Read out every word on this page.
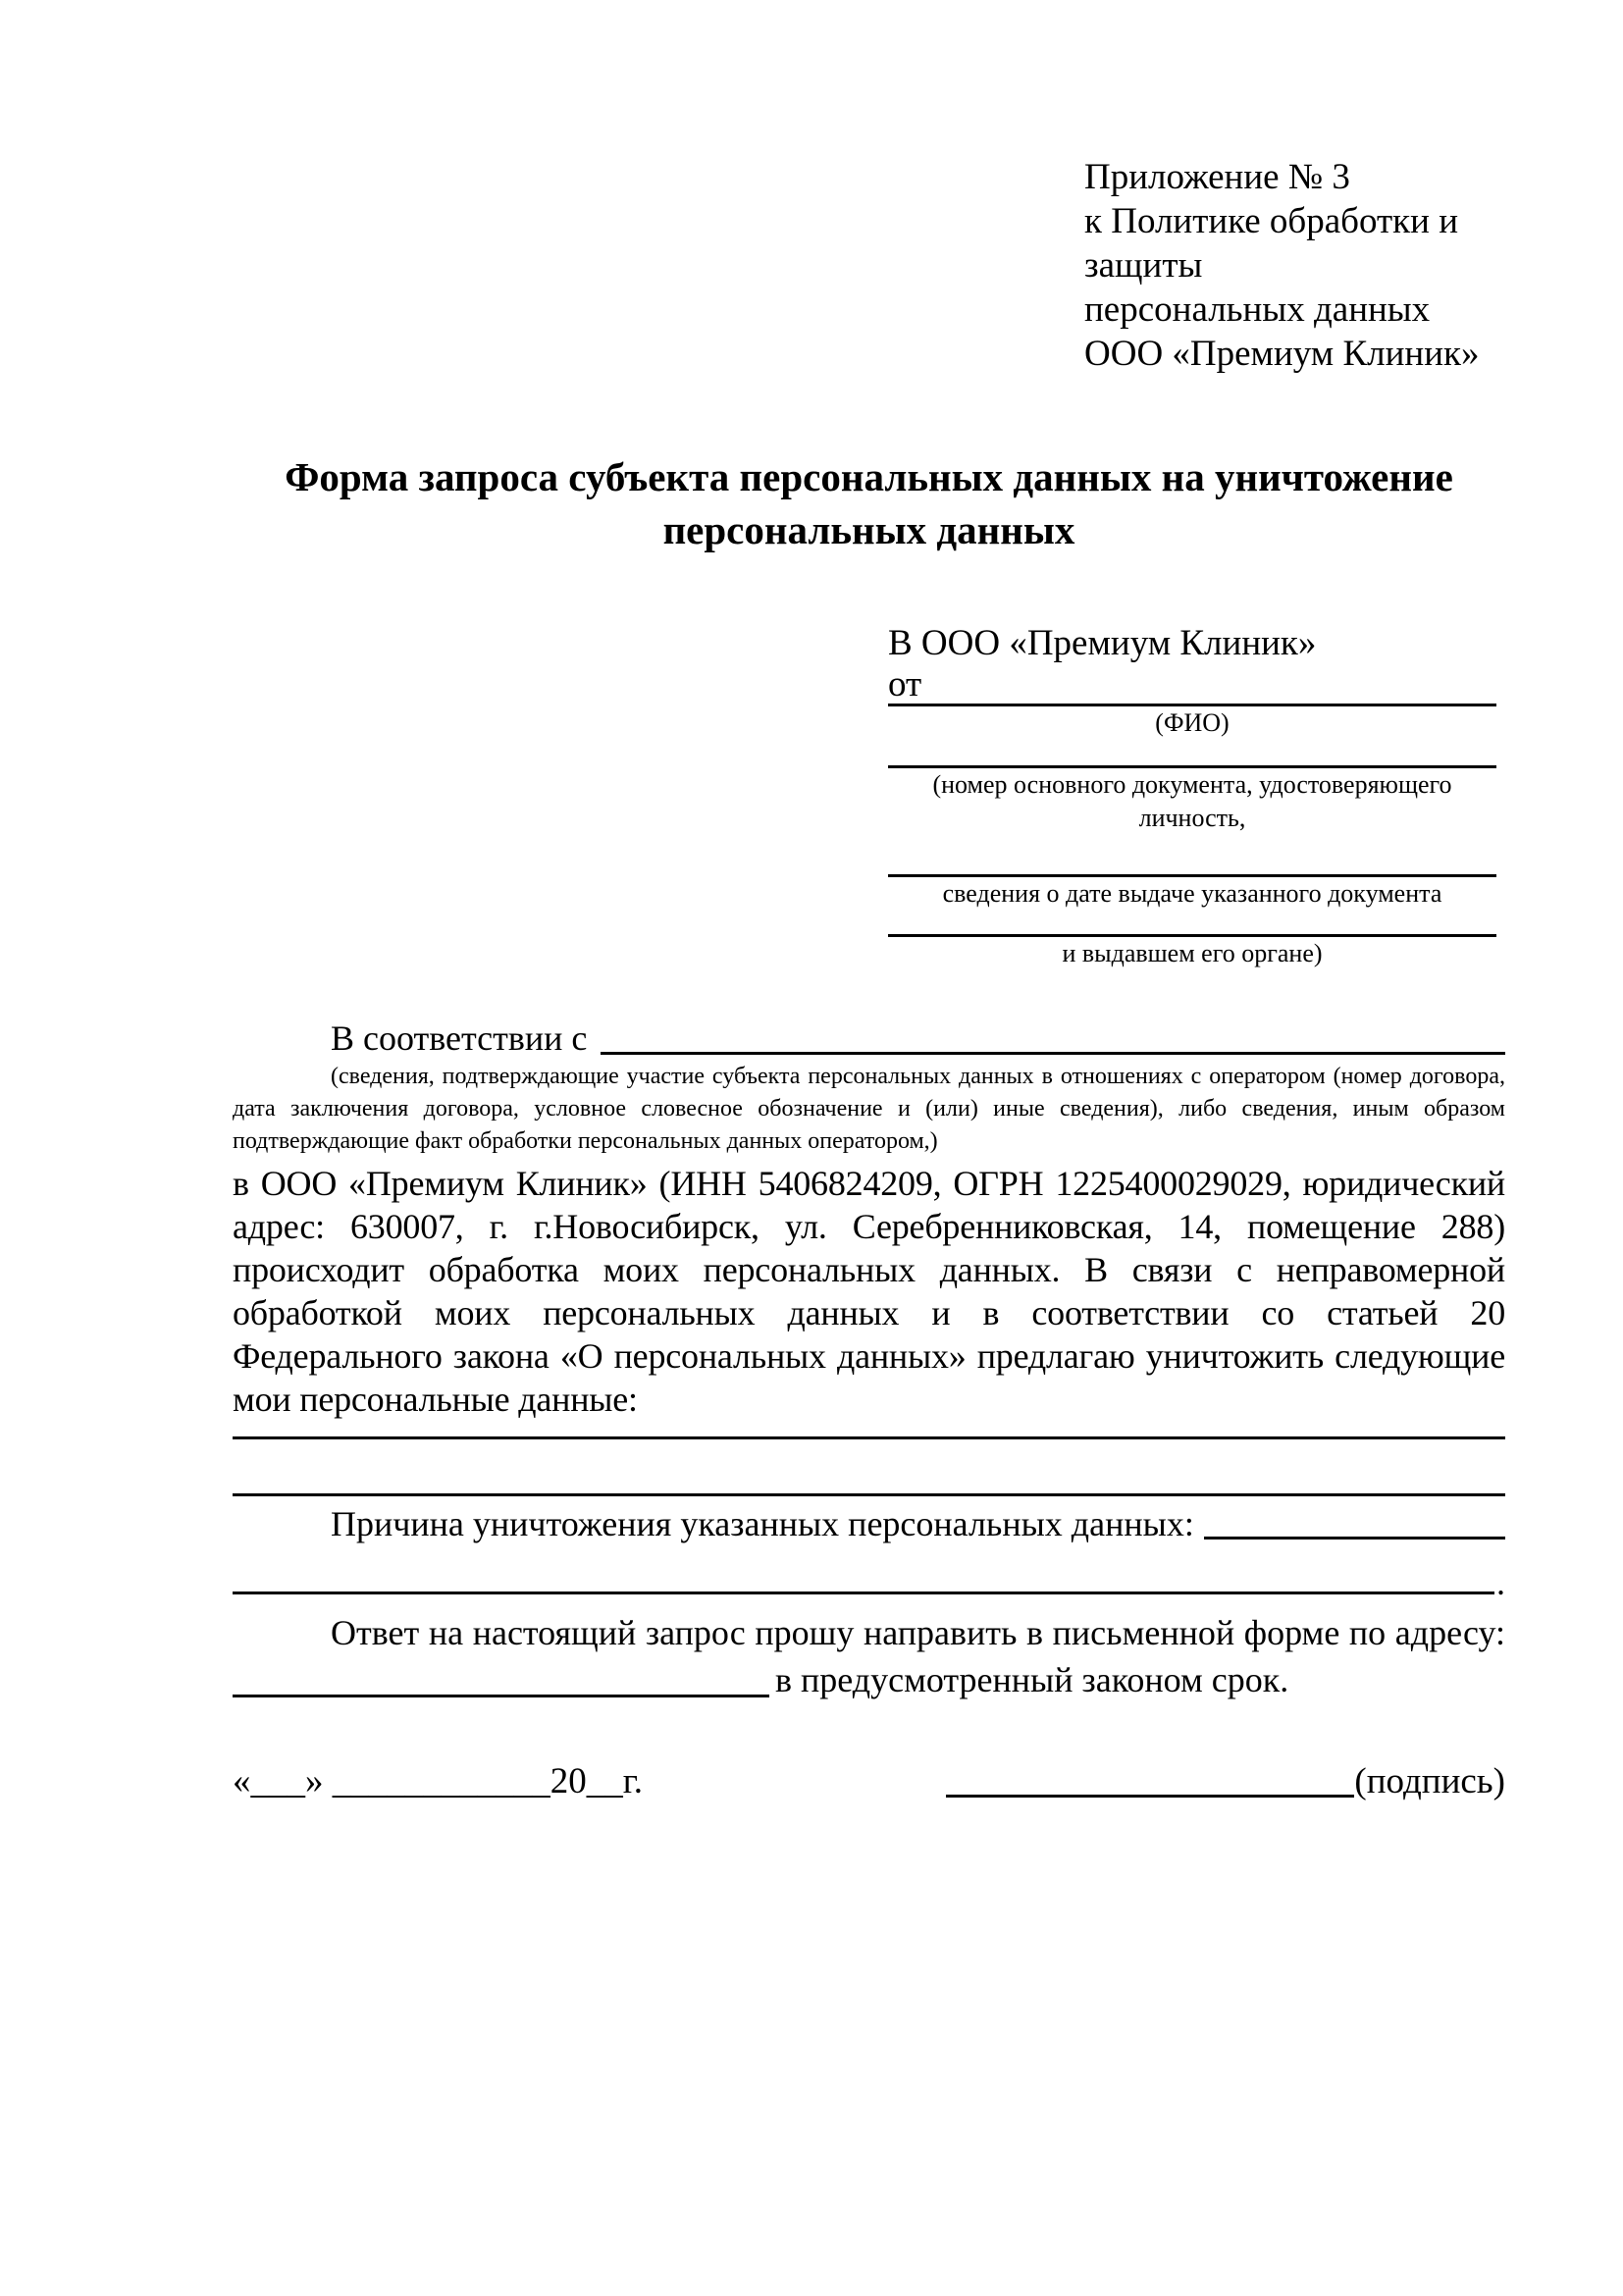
Приложение № 3
к Политике обработки и защиты
персональных данных
ООО «Премиум Клиник»
Форма запроса субъекта персональных данных на уничтожение персональных данных
В ООО «Премиум Клиник»
от
(ФИО)
(номер основного документа, удостоверяющего личность,
сведения о дате выдаче указанного документа
и выдавшем его органе)
В соответствии с
(сведения, подтверждающие участие субъекта персональных данных в отношениях с оператором (номер договора, дата заключения договора, условное словесное обозначение и (или) иные сведения), либо сведения, иным образом подтверждающие факт обработки персональных данных оператором,)
в ООО «Премиум Клиник» (ИНН 5406824209, ОГРН 1225400029029, юридический адрес: 630007, г. г.Новосибирск, ул. Серебренниковская, 14, помещение 288) происходит обработка моих персональных данных. В связи с неправомерной обработкой моих персональных данных и в соответствии со статьей 20 Федерального закона «О персональных данных» предлагаю уничтожить следующие мои персональные данные:
Причина уничтожения указанных персональных данных:
.
Ответ на настоящий запрос прошу направить в письменной форме по адресу:
в предусмотренный законом срок.
«___» ____________20__г.	(подпись)
